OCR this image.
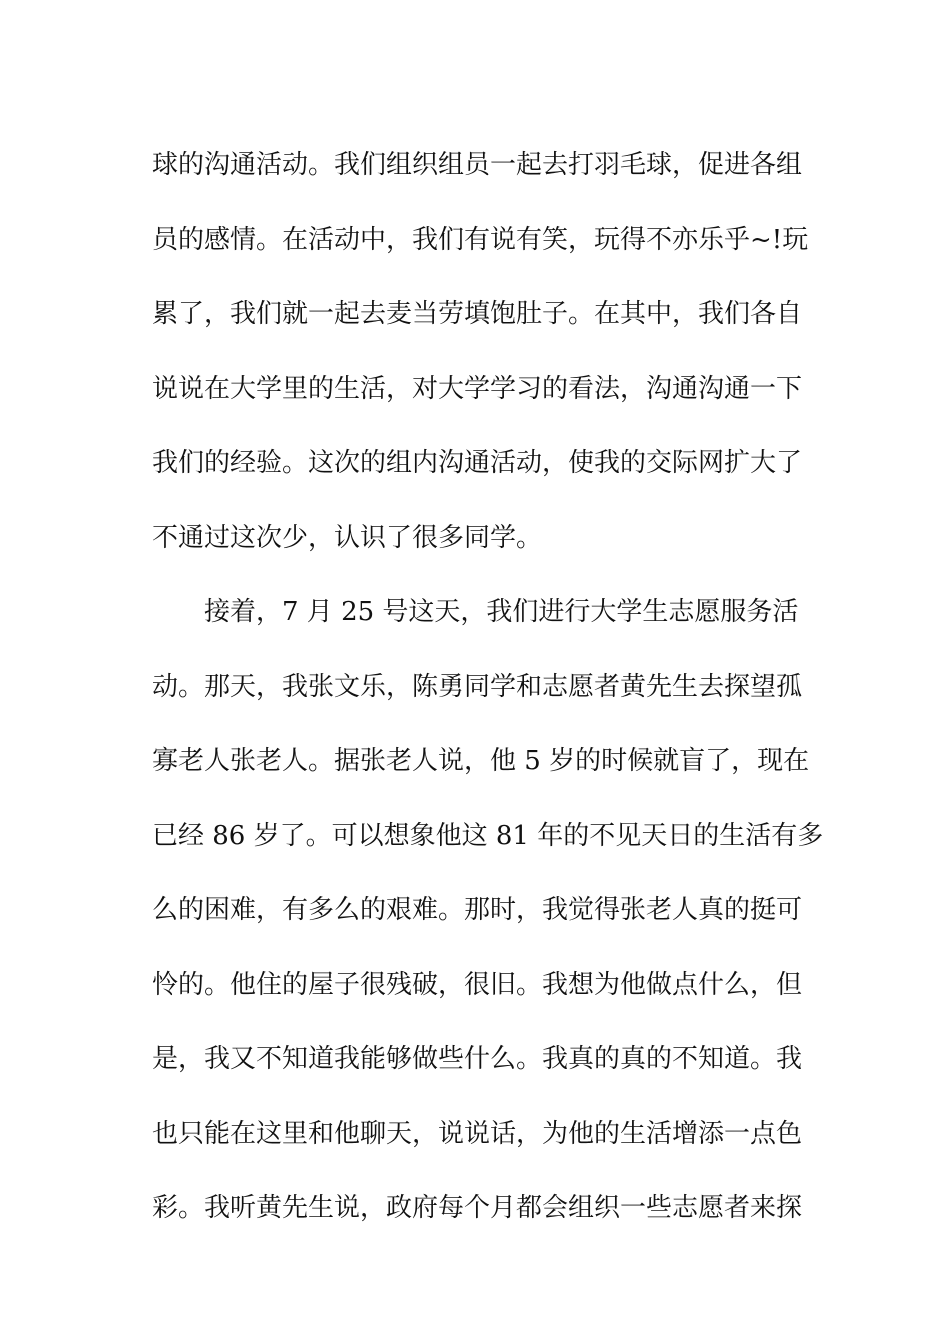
球的沟通活动。我们组织组员一起去打羽毛球，促进各组
员的感情。在活动中，我们有说有笑，玩得不亦乐乎~!玩
累了，我们就一起去麦当劳填饱肚子。在其中，我们各自
说说在大学里的生活，对大学学习的看法，沟通沟通一下
我们的经验。这次的组内沟通活动，使我的交际网扩大了
不通过这次少，认识了很多同学。
接着，7 月 25 号这天，我们进行大学生志愿服务活
动。那天，我张文乐，陈勇同学和志愿者黄先生去探望孤
寡老人张老人。据张老人说，他 5 岁的时候就盲了，现在
已经 86 岁了。可以想象他这 81 年的不见天日的生活有多
么的困难，有多么的艰难。那时，我觉得张老人真的挺可
怜的。他住的屋子很残破，很旧。我想为他做点什么，但
是，我又不知道我能够做些什么。我真的真的不知道。我
也只能在这里和他聊天，说说话，为他的生活增添一点色
彩。我听黄先生说，政府每个月都会组织一些志愿者来探
